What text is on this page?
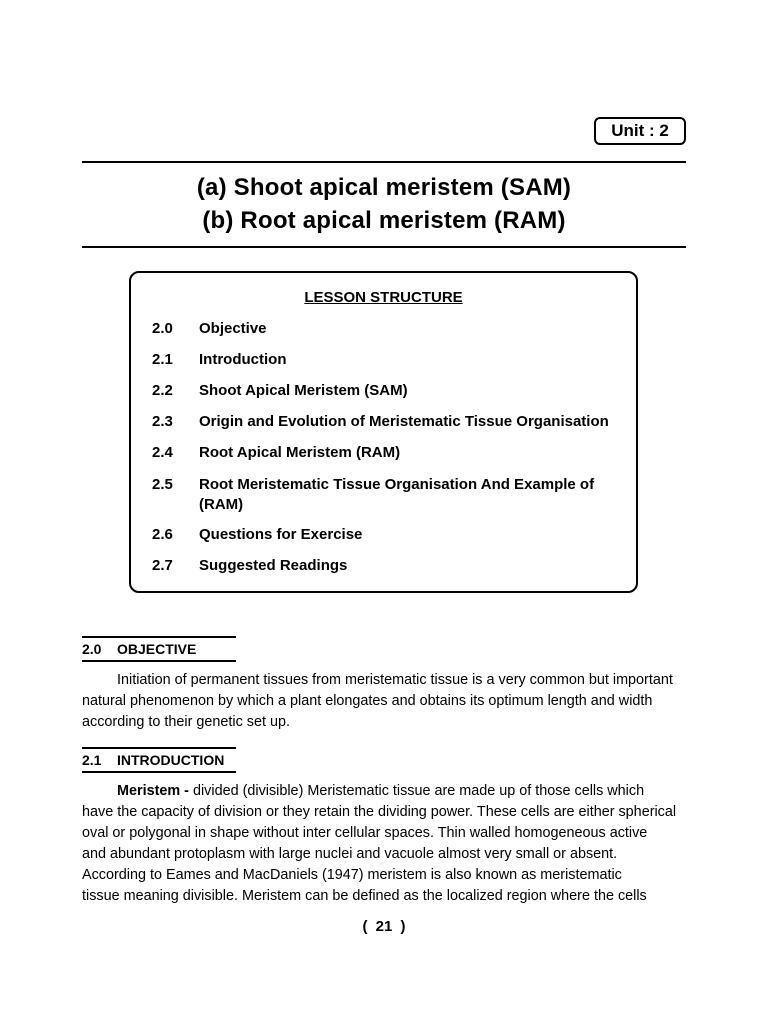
Unit : 2
(a) Shoot apical meristem (SAM)
(b) Root apical meristem (RAM)
LESSON STRUCTURE
2.0	Objective
2.1	Introduction
2.2	Shoot Apical Meristem (SAM)
2.3	Origin and Evolution of Meristematic Tissue Organisation
2.4	Root Apical Meristem (RAM)
2.5	Root Meristematic Tissue Organisation And Example of (RAM)
2.6	Questions for Exercise
2.7	Suggested Readings
2.0 OBJECTIVE
Initiation of permanent tissues from meristematic tissue is a very common but important
natural phenomenon by which a plant elongates and obtains its optimum length and width
according to their genetic set up.
2.1 INTRODUCTION
Meristem - divided (divisible) Meristematic tissue are made up of those cells which
have the capacity of division or they retain the dividing power. These cells are either spherical
oval or polygonal in shape without inter cellular spaces. Thin walled homogeneous active
and abundant protoplasm with large nuclei and vacuole almost very small or absent.
According to Eames and MacDaniels (1947) meristem is also known as meristematic
tissue meaning divisible. Meristem can be defined as the localized region where the cells
( 21 )
